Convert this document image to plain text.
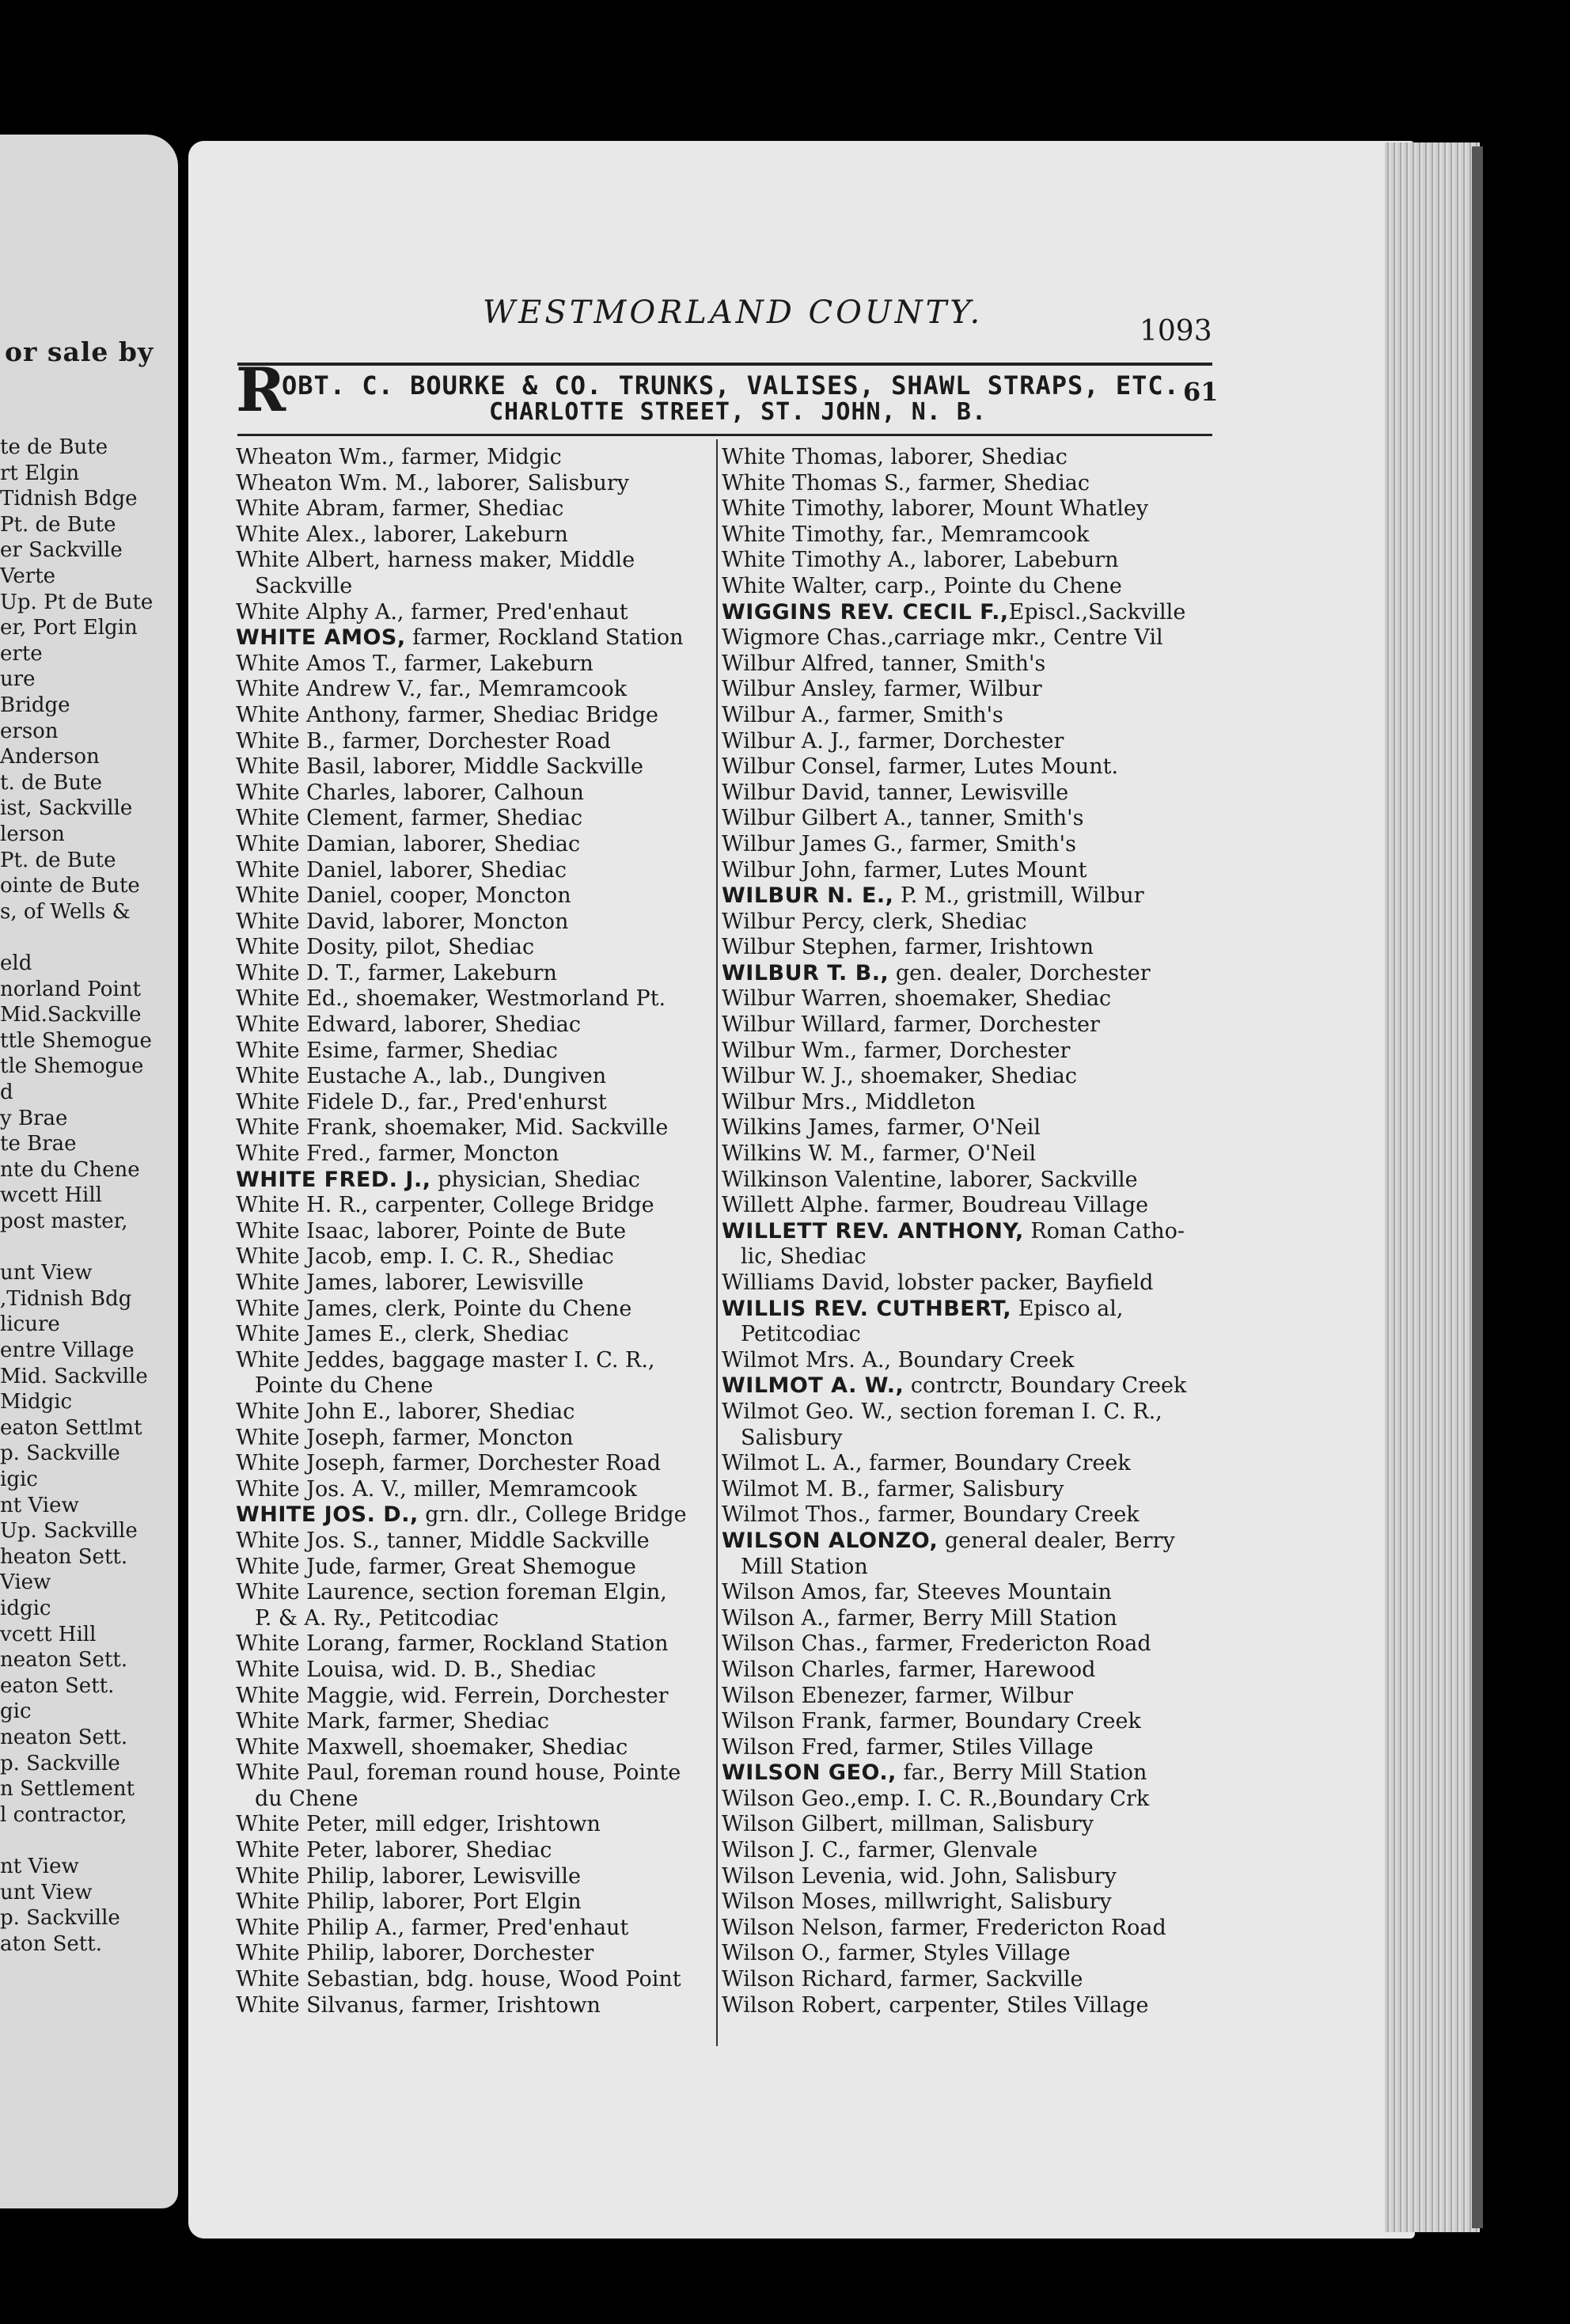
or sale by
te de Bute
rt Elgin
Tidnish Bdge
Pt. de Bute
er Sackville
Verte
Up. Pt de Bute
er, Port Elgin
erte
ure
Bridge
erson
Anderson
t. de Bute
ist, Sackville
lerson
Pt. de Bute
ointe de Bute
s, of Wells &
eld
norland Point
Mid.Sackville
ttle Shemogue
tle Shemogue
d
y Brae
te Brae
nte du Chene
wcett Hill
post master,
unt View
,Tidnish Bdg
licure
entre Village
Mid. Sackville
Midgic
eaton Settlmt
p. Sackville
igic
nt View
Up. Sackville
heaton Sett.
View
idgic
vcett Hill
neaton Sett.
eaton Sett.
gic
neaton Sett.
p. Sackville
n Settlement
l contractor,
nt View
unt View
p. Sackville
aton Sett.
WESTMORLAND COUNTY.
1093
R
OBT. C. BOURKE & CO. TRUNKS, VALISES, SHAWL STRAPS, ETC. 61
CHARLOTTE STREET, ST. JOHN, N. B.
Wheaton Wm., farmer, Midgic
Wheaton Wm. M., laborer, Salisbury
White Abram, farmer, Shediac
White Alex., laborer, Lakeburn
White Albert, harness maker, Middle
Sackville
White Alphy A., farmer, Pred'enhaut
WHITE AMOS, farmer, Rockland Station
White Amos T., farmer, Lakeburn
White Andrew V., far., Memramcook
White Anthony, farmer, Shediac Bridge
White B., farmer, Dorchester Road
White Basil, laborer, Middle Sackville
White Charles, laborer, Calhoun
White Clement, farmer, Shediac
White Damian, laborer, Shediac
White Daniel, laborer, Shediac
White Daniel, cooper, Moncton
White David, laborer, Moncton
White Dosity, pilot, Shediac
White D. T., farmer, Lakeburn
White Ed., shoemaker, Westmorland Pt.
White Edward, laborer, Shediac
White Esime, farmer, Shediac
White Eustache A., lab., Dungiven
White Fidele D., far., Pred'enhurst
White Frank, shoemaker, Mid. Sackville
White Fred., farmer, Moncton
WHITE FRED. J., physician, Shediac
White H. R., carpenter, College Bridge
White Isaac, laborer, Pointe de Bute
White Jacob, emp. I. C. R., Shediac
White James, laborer, Lewisville
White James, clerk, Pointe du Chene
White James E., clerk, Shediac
White Jeddes, baggage master I. C. R.,
Pointe du Chene
White John E., laborer, Shediac
White Joseph, farmer, Moncton
White Joseph, farmer, Dorchester Road
White Jos. A. V., miller, Memramcook
WHITE JOS. D., grn. dlr., College Bridge
White Jos. S., tanner, Middle Sackville
White Jude, farmer, Great Shemogue
White Laurence, section foreman Elgin,
P. & A. Ry., Petitcodiac
White Lorang, farmer, Rockland Station
White Louisa, wid. D. B., Shediac
White Maggie, wid. Ferrein, Dorchester
White Mark, farmer, Shediac
White Maxwell, shoemaker, Shediac
White Paul, foreman round house, Pointe
du Chene
White Peter, mill edger, Irishtown
White Peter, laborer, Shediac
White Philip, laborer, Lewisville
White Philip, laborer, Port Elgin
White Philip A., farmer, Pred'enhaut
White Philip, laborer, Dorchester
White Sebastian, bdg. house, Wood Point
White Silvanus, farmer, Irishtown
White Thomas, laborer, Shediac
White Thomas S., farmer, Shediac
White Timothy, laborer, Mount Whatley
White Timothy, far., Memramcook
White Timothy A., laborer, Labeburn
White Walter, carp., Pointe du Chene
WIGGINS REV. CECIL F.,Episcl.,Sackville
Wigmore Chas.,carriage mkr., Centre Vil
Wilbur Alfred, tanner, Smith's
Wilbur Ansley, farmer, Wilbur
Wilbur A., farmer, Smith's
Wilbur A. J., farmer, Dorchester
Wilbur Consel, farmer, Lutes Mount.
Wilbur David, tanner, Lewisville
Wilbur Gilbert A., tanner, Smith's
Wilbur James G., farmer, Smith's
Wilbur John, farmer, Lutes Mount
WILBUR N. E., P. M., gristmill, Wilbur
Wilbur Percy, clerk, Shediac
Wilbur Stephen, farmer, Irishtown
WILBUR T. B., gen. dealer, Dorchester
Wilbur Warren, shoemaker, Shediac
Wilbur Willard, farmer, Dorchester
Wilbur Wm., farmer, Dorchester
Wilbur W. J., shoemaker, Shediac
Wilbur Mrs., Middleton
Wilkins James, farmer, O'Neil
Wilkins W. M., farmer, O'Neil
Wilkinson Valentine, laborer, Sackville
Willett Alphe. farmer, Boudreau Village
WILLETT REV. ANTHONY, Roman Catho-
lic, Shediac
Williams David, lobster packer, Bayfield
WILLIS REV. CUTHBERT, Episco al,
Petitcodiac
Wilmot Mrs. A., Boundary Creek
WILMOT A. W., contrctr, Boundary Creek
Wilmot Geo. W., section foreman I. C. R.,
Salisbury
Wilmot L. A., farmer, Boundary Creek
Wilmot M. B., farmer, Salisbury
Wilmot Thos., farmer, Boundary Creek
WILSON ALONZO, general dealer, Berry
Mill Station
Wilson Amos, far, Steeves Mountain
Wilson A., farmer, Berry Mill Station
Wilson Chas., farmer, Fredericton Road
Wilson Charles, farmer, Harewood
Wilson Ebenezer, farmer, Wilbur
Wilson Frank, farmer, Boundary Creek
Wilson Fred, farmer, Stiles Village
WILSON GEO., far., Berry Mill Station
Wilson Geo.,emp. I. C. R.,Boundary Crk
Wilson Gilbert, millman, Salisbury
Wilson J. C., farmer, Glenvale
Wilson Levenia, wid. John, Salisbury
Wilson Moses, millwright, Salisbury
Wilson Nelson, farmer, Fredericton Road
Wilson O., farmer, Styles Village
Wilson Richard, farmer, Sackville
Wilson Robert, carpenter, Stiles Village
